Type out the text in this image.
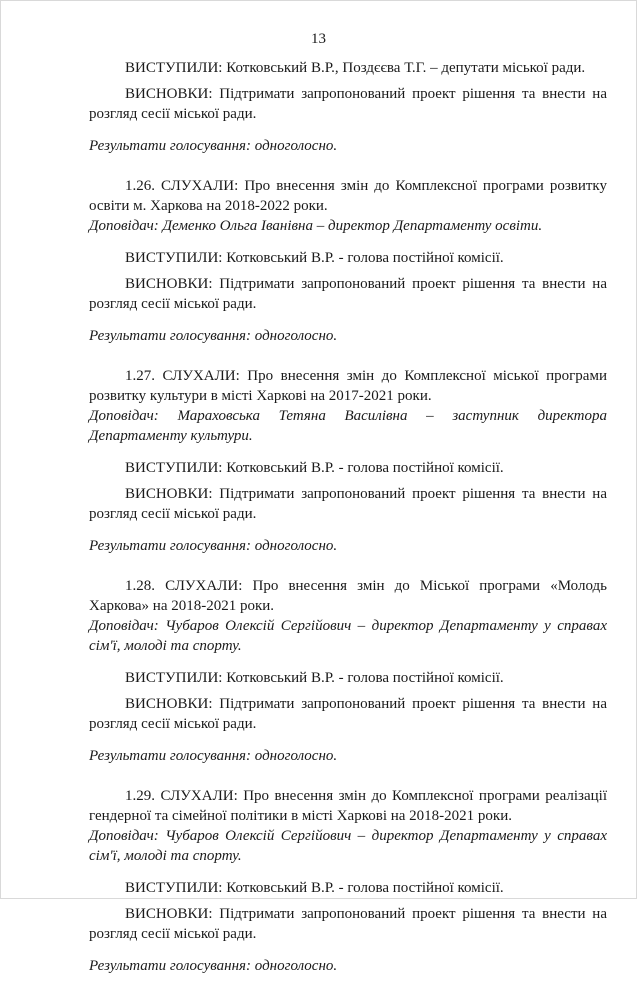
13

ВИСТУПИЛИ: Котковський В.Р., Поздєєва Т.Г. – депутати міської ради.

ВИСНОВКИ: Підтримати запропонований проект рішення та внести на розгляд сесії міської ради.

Результати голосування: одноголосно.

1.26. СЛУХАЛИ: Про внесення змін до Комплексної програми розвитку освіти м. Харкова на 2018-2022 роки.

Доповідач: Деменко Ольга Іванівна – директор Департаменту освіти.

ВИСТУПИЛИ: Котковський В.Р. - голова постійної комісії.

ВИСНОВКИ: Підтримати запропонований проект рішення та внести на розгляд сесії міської ради.

Результати голосування: одноголосно.

1.27. СЛУХАЛИ: Про внесення змін до Комплексної міської програми розвитку культури в місті Харкові на 2017-2021 роки.

Доповідач: Мараховська Тетяна Василівна – заступник директора Департаменту культури.

ВИСТУПИЛИ: Котковський В.Р. - голова постійної комісії.

ВИСНОВКИ: Підтримати запропонований проект рішення та внести на розгляд сесії міської ради.

Результати голосування: одноголосно.

1.28. СЛУХАЛИ: Про внесення змін до Міської програми «Молодь Харкова» на 2018-2021 роки.

Доповідач: Чубаров Олексій Сергійович – директор Департаменту у справах сім'ї, молоді та спорту.

ВИСТУПИЛИ: Котковський В.Р. - голова постійної комісії.

ВИСНОВКИ: Підтримати запропонований проект рішення та внести на розгляд сесії міської ради.

Результати голосування: одноголосно.

1.29. СЛУХАЛИ: Про внесення змін до Комплексної програми реалізації гендерної та сімейної політики в місті Харкові на 2018-2021 роки.

Доповідач: Чубаров Олексій Сергійович – директор Департаменту у справах сім'ї, молоді та спорту.

ВИСТУПИЛИ: Котковський В.Р. - голова постійної комісії.

ВИСНОВКИ: Підтримати запропонований проект рішення та внести на розгляд сесії міської ради.

Результати голосування: одноголосно.
